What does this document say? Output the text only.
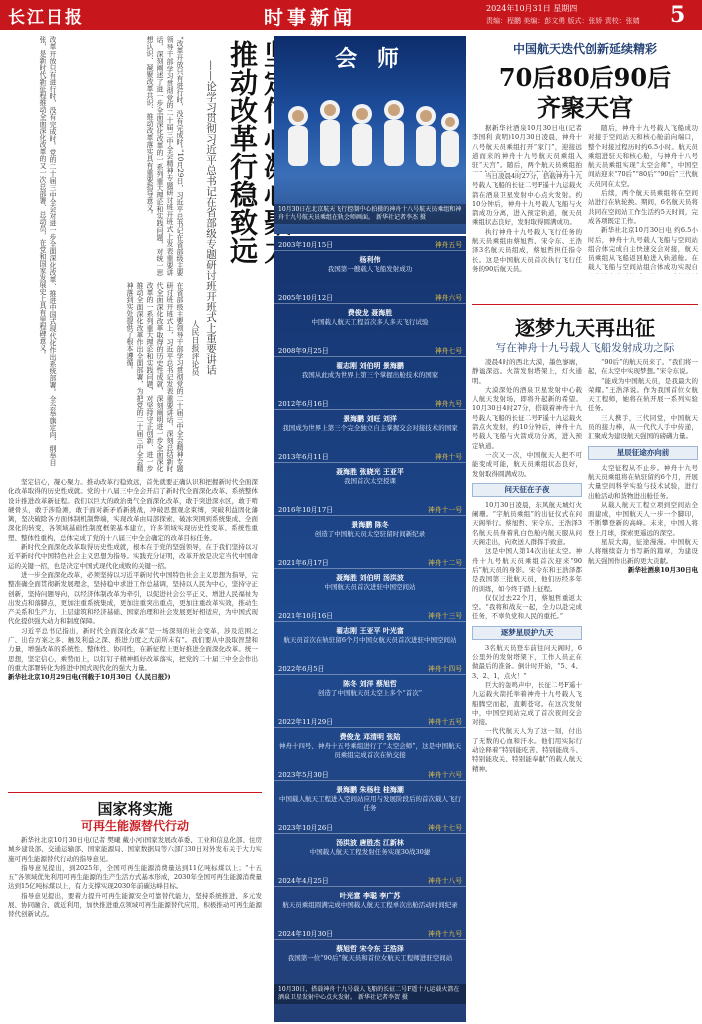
长江日报	时事新闻	2024年10月31日 星期四
责编：程鹏 美编：彭文勇 版式：张娇 责校：张婧 5
推动改革行稳致远
——论学习贯彻习近平总书记在省部级专题研讨班开班式上重要讲话
人民日报评论员
“改革开放只有进行时，没有完成时。”10月29日，习近平总书记在省部级主要领导干部学习贯彻党的二十届三中全会精神专题研讨班开班式上发表重要讲话，深刻阐述了进一步全面深化改革的一系列重大理论和实践问题，对统一思想认识、凝聚改革共识、推动改革落实具有重要指导意义。
在省部级主要领导干部学习贯彻党的二十届三中全会精神专题研讨班开班式上，习近平总书记发表重要讲话，深刻总结新时代全面深化改革取得的历史性成就，深刻阐明进一步全面深化改革的一系列重大理论和实践问题，对坚持守正创新、进一步推动全面深化改革作出全面部署，为把党的二十届三中全会精神落到实处提供了根本遵循。
改革开放只有进行时，没有完成时。党的二十届三中全会对进一步全面深化改革、推进中国式现代化作出系统部署。全会举旗定向、纲举目张，是新时代新征程推动全面深化改革的又一次总部署、总动员，在党和国家发展史上具有里程碑意义。

坚定信心，凝心聚力。推动改革行稳致远，首先就要正确认识和把握新时代全面深化改革取得的历史性成就。党的十八届三中全会开启了新时代全面深化改革、系统整体设计推进改革新征程。我们以巨大的政治勇气全面深化改革，敢于突进深水区，敢于啃硬骨头，敢于涉险滩，敢于面对新矛盾新挑战，冲破思想观念束缚，突破利益固化藩篱，坚决破除各方面体制机制弊端，实现改革由局部探索、破冰突围到系统集成、全面深化的转变，各领域基础性制度框架基本建立，许多领域实现历史性变革、系统性重塑、整体性重构，总体完成了党的十八届三中全会确定的改革目标任务。

新时代全面深化改革取得历史性成就，根本在于党的坚强领导，在于我们坚持以习近平新时代中国特色社会主义思想为指导。实践充分证明，改革开放是决定当代中国命运的关键一招，也是决定中国式现代化成败的关键一招。

进一步全面深化改革，必须坚持以习近平新时代中国特色社会主义思想为指导，完整准确全面贯彻新发展理念，坚持稳中求进工作总基调，坚持以人民为中心，坚持守正创新，坚持问题导向，以经济体制改革为牵引，以促进社会公平正义、增进人民福祉为出发点和落脚点，更加注重系统集成，更加注重突出重点，更加注重改革实效，推动生产关系和生产力、上层建筑和经济基础、国家治理和社会发展更好相适应，为中国式现代化提供强大动力和制度保障。

习近平总书记指出，新时代全面深化改革“是一场深刻的社会变革，涉及范围之广、出台方案之多、触及利益之深、推进力度之大前所未有”。我们要从中汲取智慧和力量，增强改革的系统性、整体性、协同性，在新征程上更好推进全面深化改革。统一思想，坚定信心，乘势而上，以钉钉子精神抓好改革落实，把党的二十届三中全会作出的重大部署转化为推进中国式现代化的强大力量。

新华社北京10月29日电(刊载于10月30日《人民日报》)

国家将实施
可再生能源替代行动

新华社北京10月30日电(记者 樊曦 戴小河)国家发展改革委、工业和信息化部、住房城乡建设部、交通运输部、国家能源局、国家数据局等六部门30日对外发布关于大力实施可再生能源替代行动的指导意见。

指导意见提出，到2025年，全国可再生能源消费量达到11亿吨标煤以上；“十五五”各领域优先利用可再生能源的生产生活方式基本形成，2030年全国可再生能源消费量达到15亿吨标煤以上，有力支撑实现2030年前碳达峰目标。

指导意见提出，要着力提升可再生能源安全可靠替代能力，坚持系统推进、多元发展、协同融合、就近利用，加快推进重点领域可再生能源替代应用，积极推动可再生能源替代创新试点。

会 师
10月30日在北京航天飞行控制中心拍摄的神舟十八号航天员乘组和神舟十九号航天员乘组在轨会师画面。 新华社记者李杰 摄
2003年10月15日	神舟五号
杨利伟
我国第一艘载人飞船发射成功
2005年10月12日	神舟六号
费俊龙 聂海胜
中国载人航天工程首次多人多天飞行试验
2008年9月25日	神舟七号
翟志刚 刘伯明 景海鹏
我国从此成为世界上第三个掌握出舱技术的国家
2012年6月16日	神舟九号
景海鹏 刘旺 刘洋
我国成为世界上第三个完全独立自主掌握交会对接技术的国家
2013年6月11日	神舟十号
聂海胜 张晓光 王亚平
我国首次太空授课
2016年10月17日	神舟十一号
景海鹏 陈冬
创造了中国航天员太空驻留时间新纪录
2021年6月17日	神舟十二号
聂海胜 刘伯明 汤洪波
中国航天员首次进驻中国空间站
2021年10月16日	神舟十三号
翟志刚 王亚平 叶光富
航天员首次在轨驻留6个月中国女航天员首次进驻中国空间站
2022年6月5日	神舟十四号
陈冬 刘洋 蔡旭哲
创造了中国航天员太空上多个“首次”
2022年11月29日	神舟十五号
费俊龙 邓清明 张陆
神舟十四号、神舟十五号乘组进行了“太空会师”，这是中国航天员乘组完成首次在轨交接
2023年5月30日	神舟十六号
景海鹏 朱杨柱 桂海潮
中国载人航天工程进入空间站应用与发展阶段后的首次载人飞行任务
2023年10月26日	神舟十七号
汤洪波 唐胜杰 江新林
中国载人航天工程发射任务实现30战30捷
2024年4月25日	神舟十八号
叶光富 李聪 李广苏
航天员乘组圆满完成中国载人航天工程单次出舱活动时间纪录
2024年10月30日	神舟十九号
蔡旭哲 宋令东 王浩泽
我国第一位“90后”航天员和首位女航天工程师进驻空间站
10月30日，搭载神舟十九号载人飞船的长征二号F遥十九运载火箭在酒泉卫星发射中心点火发射。 新华社记者李贺 摄
中国航天迭代创新延续精彩
70后80后90后
齐聚天宫

据新华社酒泉10月30日电(记者李国利 黄明)10月30日凌晨，神舟十八号航天员乘组打开“家门”，迎接远道而来的神舟十九号航天员乘组入驻“天宫”。随后，两个航天员乘组拍

当日凌晨4时27分，搭载神舟十九号载人飞船的长征二号F遥十九运载火箭在酒泉卫星发射中心点火发射。约10分钟后，神舟十九号载人飞船与火箭成功分离，进入预定轨道，航天员乘组状态良好，发射取得圆满成功。

执行神舟十九号载人飞行任务的航天员乘组由蔡旭哲、宋令东、王浩泽3名航天员组成，蔡旭哲担任指令长。这是中国航天员首次执行飞行任务的90后航天员。

随后，神舟十九号载人飞船成功对接于空间站天和核心舱前向端口，整个对接过程历时约6.5小时。航天员乘组进驻天和核心舱，与神舟十八号航天员乘组实现“太空会师”，中国空间站迎来“70后”“80后”“90后”三代航天员同在太空。

后续，两个航天员乘组将在空间站进行在轨轮换。期间，6名航天员将共同在空间站工作生活约5天时间，完成各项既定工作。

新华社北京10月30日电 约6.5小时后，神舟十九号载人飞船与空间站组合体完成自主快速交会对接，航天员乘组从飞船返回舱进入轨道舱。在载人飞船与空间站组合体成功实现自

逐梦九天再出征
写在神舟十九号载人飞船发射成功之际

凌晨4时的西北大漠，墨色寥廓，静谧深远。火箭发射塔架上，灯火通明。

大漠深处的酒泉卫星发射中心载人航天发射场，即将升起新的希望。10月30日4时27分，搭载着神舟十九号载人飞船的长征二号F遥十九运载火箭点火发射，约10分钟后，神舟十九号载人飞船与火箭成功分离，进入预定轨道。

一次又一次，中国航天人把不可能变成可能，航天员乘组状态良好，发射取得圆满成功。

问天征在子夜

10月30日凌晨，东风航天城灯火阑珊。“宇航员乘组”的出征仪式在问天阁举行。蔡旭哲、宋令东、王浩泽3名航天员身着乳白色舱内航天服从问天阁走出，向欢送人群挥手致意。

这是中国人第14次出征太空。神舟十九号航天员乘组首次迎来“90后”航天员的身影。宋令东和王浩泽都是我国第三批航天员，他们历经多年的训练，如今终于踏上征程。

仅仅过去22个月，蔡旭哲重返太空。“我将和战友一起，全力以赴完成任务，不辜负党和人民的重托。”

逐梦星辰护九天

3名航天员登车前往问天阁时，6公里外的发射塔架下，工作人员正在做最后的准备。倒计时开始，“5、4、3、2、1，点火！”

巨大的轰鸣声中，长征二号F遥十九运载火箭托举着神舟十九号载人飞船腾空而起，直刺苍穹。在这次发射中，中国空间站完成了首次夜间交会对接。

一代代航天人为了这一刻，付出了无数的心血和汗水。他们用实际行动诠释着“特别能吃苦、特别能战斗、特别能攻关、特别能奉献”的载人航天精神。

“90后”的航天员来了。“我们将一起，在太空中实现梦想。”宋令东说。

“能成为中国航天员，是我最大的荣耀。”王浩泽说。作为我国首位女航天工程师，她将在轨开展一系列实验任务。

三人携手，三代同堂，中国航天员的接力棒，从一代代人手中传递，汇聚成为建设航天强国的磅礴力量。

星辰征途亦向前

太空征程从不止步。神舟十九号航天员乘组将在轨驻留约6个月，开展大量空间科学实验与技术试验，进行出舱活动和货物进出舱任务。

从载人航天工程立项到空间站全面建成，中国航天人一步一个脚印，不断攀登新的高峰。未来，中国人将登上月球，探索更遥远的深空。

星辰大海，征途漫漫。中国航天人将继续奋力书写新的篇章，为建设航天强国作出新的更大贡献。

新华社酒泉10月30日电
